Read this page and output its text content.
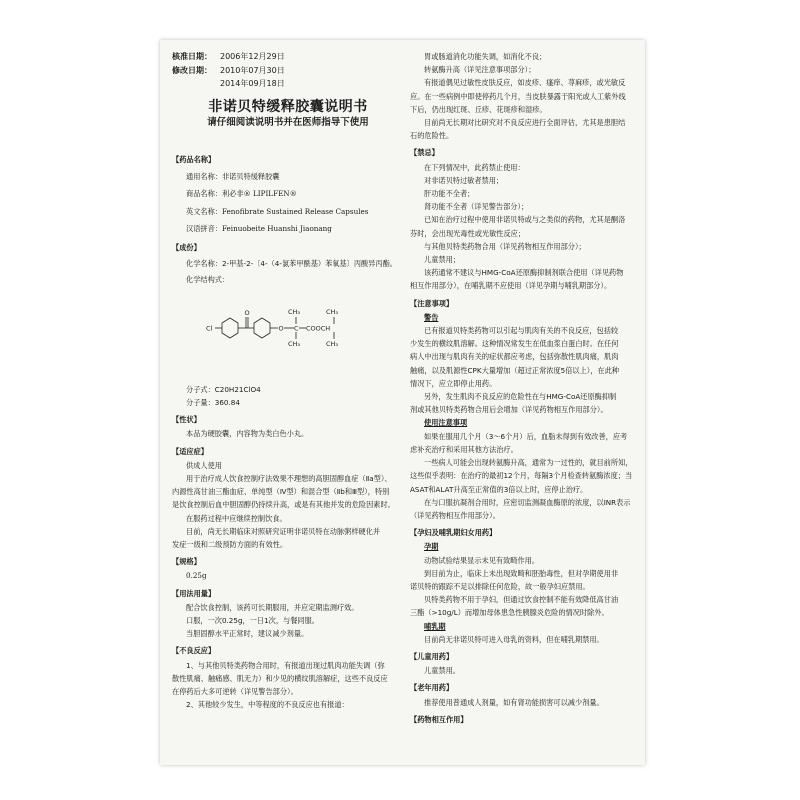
核准日期： 2006年12月29日
修改日期： 2010年07月30日
2014年09月18日
非诺贝特缓释胶囊说明书
请仔细阅读说明书并在医师指导下使用
【药品名称】
通用名称：非诺贝特缓释胶囊
商品名称：利必非® LIPILFEN®
英文名称：Fenofibrate Sustained Release Capsules
汉语拼音：Feinuobeite Huanshi Jiaonang
【成份】
化学名称：2-甲基-2-〔4-（4-氯苯甲酰基）苯氧基〕丙酸异丙酯。
化学结构式：
Cl
O	CH₃
CH₃
O C COOCH
CH₃
CH₃
分子式：C20H21ClO4
分子量：360.84
【性状】
本品为硬胶囊，内容物为类白色小丸。
【适应症】
供成人使用
用于治疗成人饮食控制疗法效果不理想的高胆固醇血症（Ⅱa型）、
内源性高甘油三酯血症、单纯型（Ⅳ型）和混合型（Ⅱb和Ⅲ型），特别
是饮食控制后血中胆固醇仍持续升高，或是有其他并发的危险因素时。
在服药过程中应继续控制饮食。
目前，尚无长期临床对照研究证明非诺贝特在动脉粥样硬化并
发症一级和二级预防方面的有效性。
【规格】
0.25g
【用法用量】
配合饮食控制，该药可长期服用，并应定期监测疗效。
口服，一次0.25g，一日1次，与餐同服。
当胆固醇水平正常时，建议减少剂量。
【不良反应】
1、与其他贝特类药物合用时，有报道出现过肌肉功能失调（弥
散性肌痛、触痛感、肌无力）和少见的横纹肌溶解症，这些不良反应
在停药后大多可逆转（详见警告部分）。
2、其他较少发生，中等程度的不良反应也有报道：
胃或肠道消化功能失调，如消化不良；
转氨酶升高（详见注意事项部分）；
有报道偶见过敏性皮肤反应，如皮疹、瘙痒、荨麻疹，或光敏反
应。在一些病例中即使停药几个月，当皮肤暴露于阳光或人工紫外线
下后，仍出现红斑、丘疹、花斑疹和湿疹。
目前尚无长期对比研究对不良反应进行全面评估，尤其是患胆结
石的危险性。
【禁忌】
在下列情况中，此药禁止使用：
对非诺贝特过敏者禁用；
肝功能不全者；
肾功能不全者（详见警告部分）；
已知在治疗过程中使用非诺贝特或与之类似的药物，尤其是酮洛
芬时，会出现光毒性或光敏性反应；
与其他贝特类药物合用（详见药物相互作用部分）；
儿童禁用；
该药通常不建议与HMG-CoA还原酶抑制剂联合使用（详见药物
相互作用部分），在哺乳期不应使用（详见孕期与哺乳期部分）。
【注意事项】
警告
已有报道贝特类药物可以引起与肌肉有关的不良反应，包括较
少发生的横纹肌溶解。这种情况常发生在低血浆白蛋白时。在任何
病人中出现与肌肉有关的症状都应考虑，包括弥散性肌肉痛，肌肉
触痛，以及肌源性CPK大量增加（超过正常浓度5倍以上），在此种
情况下，应立即停止用药。
另外，发生肌肉不良反应的危险性在与HMG-CoA还原酶抑制
剂或其他贝特类药物合用后会增加（详见药物相互作用部分）。
使用注意事项
如果在服用几个月（3～6个月）后，血脂未得到有效改善，应考
虑补充治疗和采用其他方法治疗。
一些病人可能会出现转氨酶升高，通常为一过性的，就目前所知，
这些似乎表明：在治疗的最初12个月，每隔3个月检查转氨酶浓度；当
ASAT和ALAT升高至正常值的3倍以上时，应停止治疗。
在与口服抗凝剂合用时，应密切监测凝血酶原的浓度，以INR表示
（详见药物相互作用部分）。
【孕妇及哺乳期妇女用药】
孕期
动物试验结果显示未见有致畸作用。
到目前为止，临床上未出现致畸和胚胎毒性，但对孕期使用非
诺贝特的跟踪不足以排除任何危险，故一般孕妇应禁用。
贝特类药物不用于孕妇，但通过饮食控制不能有效降低高甘油
三酯（>10g/L）而增加母体患急性胰腺炎危险的情况时除外。
哺乳期
目前尚无非诺贝特可进入母乳的资料，但在哺乳期禁用。
【儿童用药】
儿童禁用。
【老年用药】
推荐使用普通成人剂量，如有肾功能损害可以减少剂量。
【药物相互作用】
